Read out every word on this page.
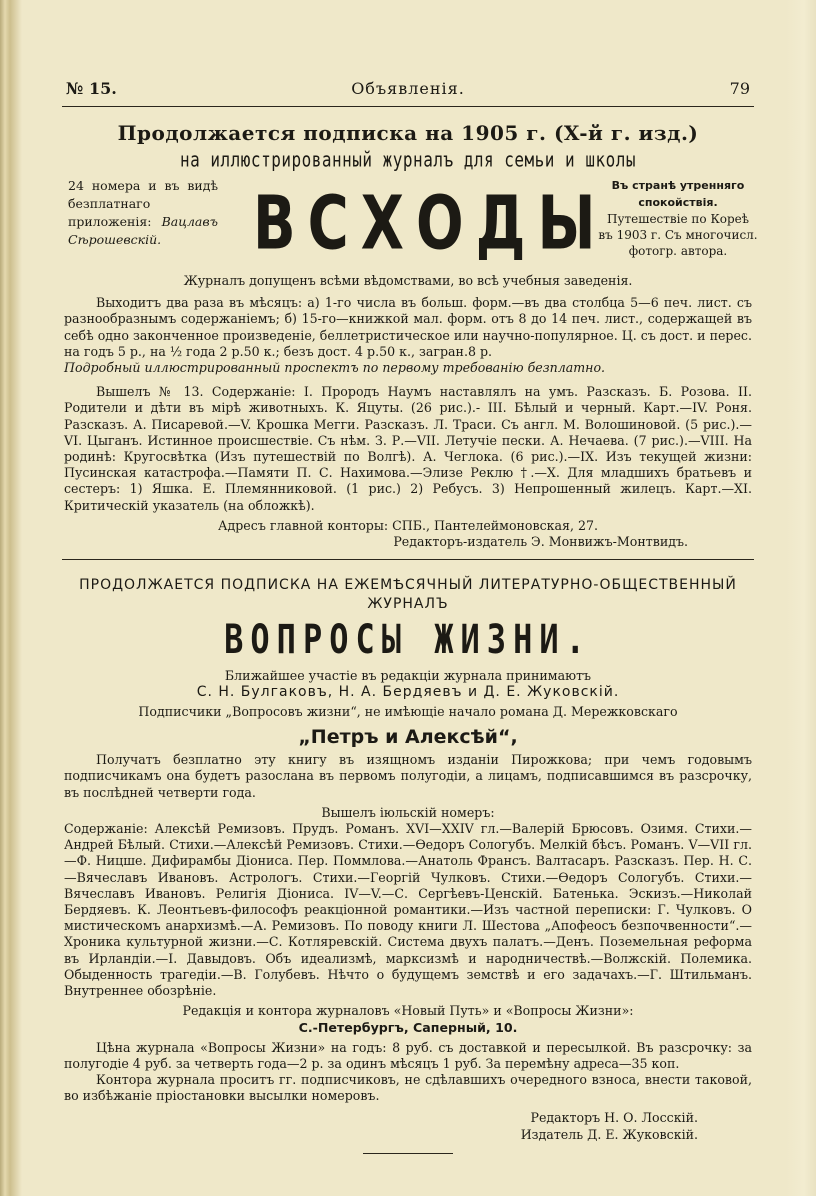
№ 15.	Объявленія.	79
Продолжается подписка на 1905 г. (X-й г. изд.)
на иллюстрированный журналъ для семьи и школы
24 номера и въ видѣ безплатнаго приложенія: Вацлавъ Сѣрошевскій.	ВСХОДЫ Въ странѣ утренняго спокойствія. Путешествіе по Кореѣ въ 1903 г. Съ многочисл. фотогр. автора.
Журналъ допущенъ всѣми вѣдомствами, во всѣ учебныя заведенія.
Выходитъ два раза въ мѣсяцъ: а) 1-го числа въ больш. форм.—въ два столбца 5—6 печ. лист. съ разнообразнымъ содержаніемъ; б) 15-го—книжкой мал. форм. отъ 8 до 14 печ. лист., содержащей въ себѣ одно законченное произведеніе, беллетристическое или научно-популярное. Ц. съ дост. и перес. на годъ 5 р., на ½ года 2 р.50 к.; безъ дост. 4 р.50 к., загран.8 р.
Подробный иллюстрированный проспектъ по первому требованію безплатно.
Вышелъ № 13. Содержаніе: I. Прородъ Наумъ наставлялъ на умъ. Разсказъ. Б. Розова. II. Родители и дѣти въ мірѣ животныхъ. К. Яцуты. (26 рис.).- III. Бѣлый и черный. Карт.—IV. Роня. Разсказъ. А. Писаревой.—V. Крошка Мегги. Разсказъ. Л. Траси. Съ англ. М. Волошиновой. (5 рис.).—VI. Цыганъ. Истинное происшествіе. Съ нѣм. З. Р.—VII. Летучіе пески. А. Нечаева. (7 рис.).—VIII. На родинѣ: Кругосвѣтка (Изъ путешествій по Волгѣ). А. Чеглока. (6 рис.).—IX. Изъ текущей жизни: Пусинская катастрофа.—Памяти П. С. Нахимова.—Элизе Реклю †.—X. Для младшихъ братьевъ и сестеръ: 1) Яшка. Е. Племянниковой. (1 рис.) 2) Ребусъ. 3) Непрошенный жилецъ. Карт.—XI. Критическій указатель (на обложкѣ).
Адресъ главной конторы: СПБ., Пантелеймоновская, 27.
Редакторъ-издатель Э. Монвижъ-Монтвидъ.
ПРОДОЛЖАЕТСЯ ПОДПИСКА НА ЕЖЕМѢСЯЧНЫЙ ЛИТЕРАТУРНО-ОБЩЕСТВЕННЫЙ ЖУРНАЛЪ
ВОПРОСЫ ЖИЗНИ.
Ближайшее участіе въ редакціи журнала принимаютъ
С. Н. Булгаковъ, Н. А. Бердяевъ и Д. Е. Жуковскій.
Подписчики „Вопросовъ жизни“, не имѣющіе начало романа Д. Мережковскаго
„Петръ и Алексѣй“,
Получатъ безплатно эту книгу въ изящномъ изданіи Пирожкова; при чемъ годовымъ подписчикамъ она будетъ разослана въ первомъ полугодіи, а лицамъ, подписавшимся въ разсрочку, въ послѣдней четверти года.
Вышелъ іюльскій номеръ:
Содержаніе: Алексѣй Ремизовъ. Прудъ. Романъ. XVI—XXIV гл.—Валерій Брюсовъ. Озимя. Стихи.—Андрей Бѣлый. Стихи.—Алексѣй Ремизовъ. Стихи.—Өедоръ Сологубъ. Мелкій бѣсъ. Романъ. V—VII гл.—Ф. Ницше. Дифирамбы Діониса. Пер. Поммлова.—Анатоль Франсъ. Валтасаръ. Разсказъ. Пер. Н. С.—Вячеславъ Ивановъ. Астрологъ. Стихи.—Георгій Чулковъ. Стихи.—Өедоръ Сологубъ. Стихи.—Вячеславъ Ивановъ. Религія Діониса. IV—V.—С. Сергѣевъ-Ценскій. Батенька. Эскизъ.—Николай Бердяевъ. К. Леонтьевъ-философъ реакціонной романтики.—Изъ частной переписки: Г. Чулковъ. О мистическомъ анархизмѣ.—А. Ремизовъ. По поводу книги Л. Шестова „Апофеосъ безпочвенности“.—Хроника культурной жизни.—С. Котляревскій. Система двухъ палатъ.—Денъ. Поземельная реформа въ Ирландіи.—I. Давыдовъ. Объ идеализмѣ, марксизмѣ и народничествѣ.—Волжскій. Полемика. Обыденность трагедіи.—В. Голубевъ. Нѣчто о будущемъ земствѣ и его задачахъ.—Г. Штильманъ. Внутреннее обозрѣніе.
Редакція и контора журналовъ «Новый Путь» и «Вопросы Жизни»:
С.-Петербургъ, Саперный, 10.
Цѣна журнала «Вопросы Жизни» на годъ: 8 руб. съ доставкой и пересылкой. Въ разсрочку: за полугодіе 4 руб. за четверть года—2 р. за одинъ мѣсяцъ 1 руб. За перемѣну адреса—35 коп.
Контора журнала проситъ гг. подписчиковъ, не сдѣлавшихъ очередного взноса, внести таковой, во избѣжаніе пріостановки высылки номеровъ.
Редакторъ Н. О. Лосскій.
Издатель Д. Е. Жуковскій.
